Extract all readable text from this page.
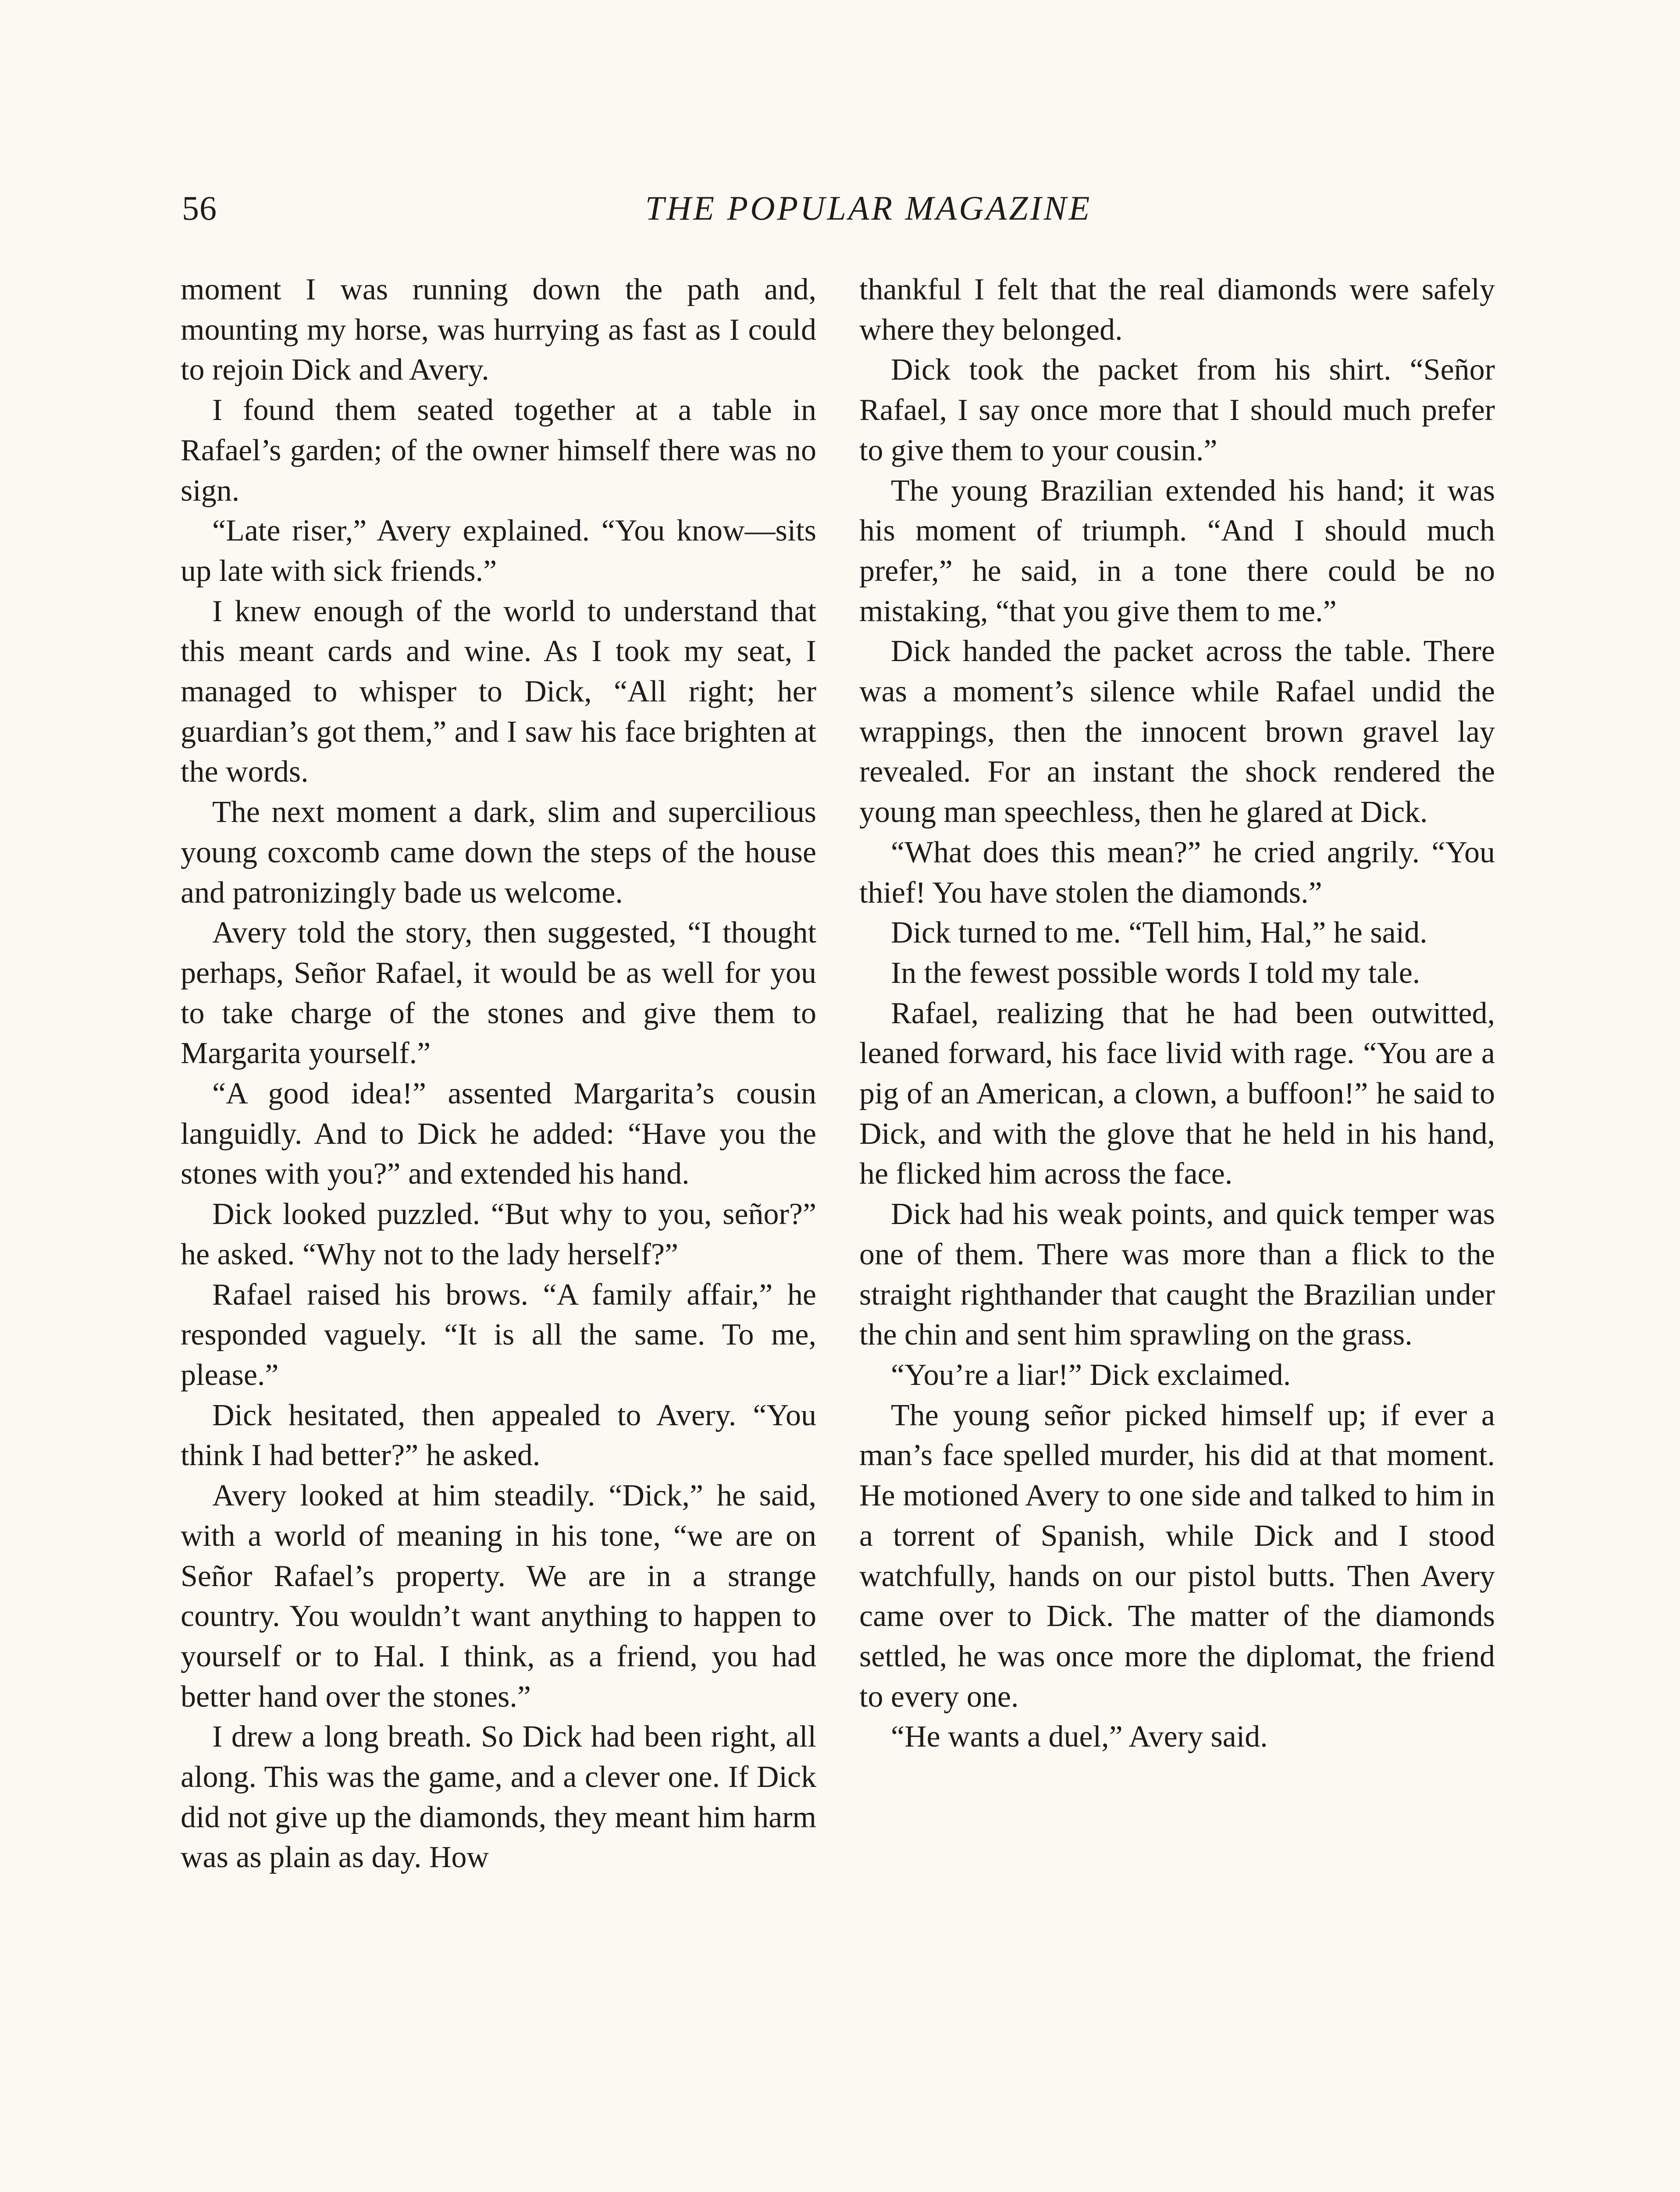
56	THE POPULAR MAGAZINE

moment I was running down the path and, mounting my horse, was hurrying as fast as I could to rejoin Dick and Avery.

I found them seated together at a table in Rafael’s garden; of the owner himself there was no sign.

“Late riser,” Avery explained. “You know—sits up late with sick friends.”

I knew enough of the world to understand that this meant cards and wine. As I took my seat, I managed to whisper to Dick, “All right; her guardian’s got them,” and I saw his face brighten at the words.

The next moment a dark, slim and supercilious young coxcomb came down the steps of the house and patronizingly bade us welcome.

Avery told the story, then suggested, “I thought perhaps, Señor Rafael, it would be as well for you to take charge of the stones and give them to Margarita yourself.”

“A good idea!” assented Margarita’s cousin languidly. And to Dick he added: “Have you the stones with you?” and extended his hand.

Dick looked puzzled. “But why to you, señor?” he asked. “Why not to the lady herself?”

Rafael raised his brows. “A family affair,” he responded vaguely. “It is all the same. To me, please.”

Dick hesitated, then appealed to Avery. “You think I had better?” he asked.

Avery looked at him steadily. “Dick,” he said, with a world of meaning in his tone, “we are on Señor Rafael’s property. We are in a strange country. You wouldn’t want anything to happen to yourself or to Hal. I think, as a friend, you had better hand over the stones.”

I drew a long breath. So Dick had been right, all along. This was the game, and a clever one. If Dick did not give up the diamonds, they meant him harm was as plain as day. How

thankful I felt that the real diamonds were safely where they belonged.

Dick took the packet from his shirt. “Señor Rafael, I say once more that I should much prefer to give them to your cousin.”

The young Brazilian extended his hand; it was his moment of triumph. “And I should much prefer,” he said, in a tone there could be no mistaking, “that you give them to me.”

Dick handed the packet across the table. There was a moment’s silence while Rafael undid the wrappings, then the innocent brown gravel lay revealed. For an instant the shock rendered the young man speechless, then he glared at Dick.

“What does this mean?” he cried angrily. “You thief! You have stolen the diamonds.”

Dick turned to me. “Tell him, Hal,” he said.

In the fewest possible words I told my tale.

Rafael, realizing that he had been outwitted, leaned forward, his face livid with rage. “You are a pig of an American, a clown, a buffoon!” he said to Dick, and with the glove that he held in his hand, he flicked him across the face.

Dick had his weak points, and quick temper was one of them. There was more than a flick to the straight righthander that caught the Brazilian under the chin and sent him sprawling on the grass.

“You’re a liar!” Dick exclaimed.

The young señor picked himself up; if ever a man’s face spelled murder, his did at that moment. He motioned Avery to one side and talked to him in a torrent of Spanish, while Dick and I stood watchfully, hands on our pistol butts. Then Avery came over to Dick. The matter of the diamonds settled, he was once more the diplomat, the friend to every one.

“He wants a duel,” Avery said.
